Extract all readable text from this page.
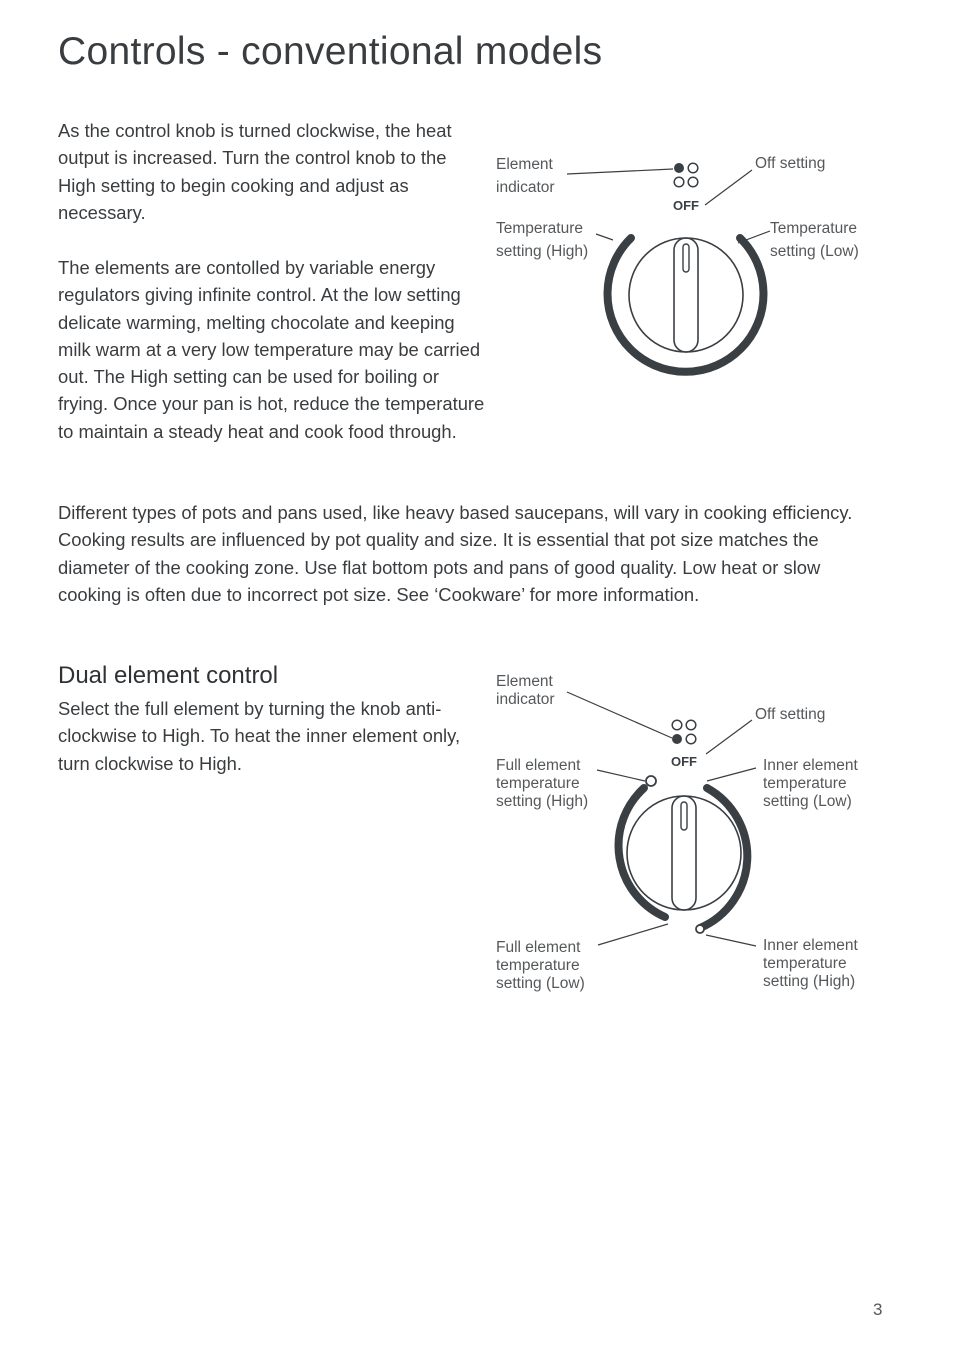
Controls - conventional models

As the control knob is turned clockwise, the heat output is increased. Turn the control knob to the High setting to begin cooking and adjust as necessary.

The elements are contolled by variable energy regulators giving infinite control. At the low setting delicate warming, melting chocolate and keeping milk warm at a very low temperature may be carried out. The High setting can be used for boiling or frying. Once your pan is hot, reduce the temperature to maintain a steady heat and cook food through.

Different types of pots and pans used, like heavy based saucepans, will vary in cooking efficiency. Cooking results are influenced by pot quality and size. It is essential that pot size matches the diameter of the cooking zone. Use flat bottom pots and pans of good quality. Low heat or slow cooking is often due to incorrect pot size. See ‘Cookware’ for more information.

OFF

Element
indicator

Off setting

Temperature
setting (High)

Temperature
setting (Low)

Dual element control

Select the full element by turning the knob anti-clockwise to High. To heat the inner element only, turn clockwise to High.	OFF

Element
indicator

Off setting

Full element
temperature
setting (High)

Inner element
temperature
setting (Low)

Full element
temperature
setting (Low)

Inner element
temperature
setting (High)

3
